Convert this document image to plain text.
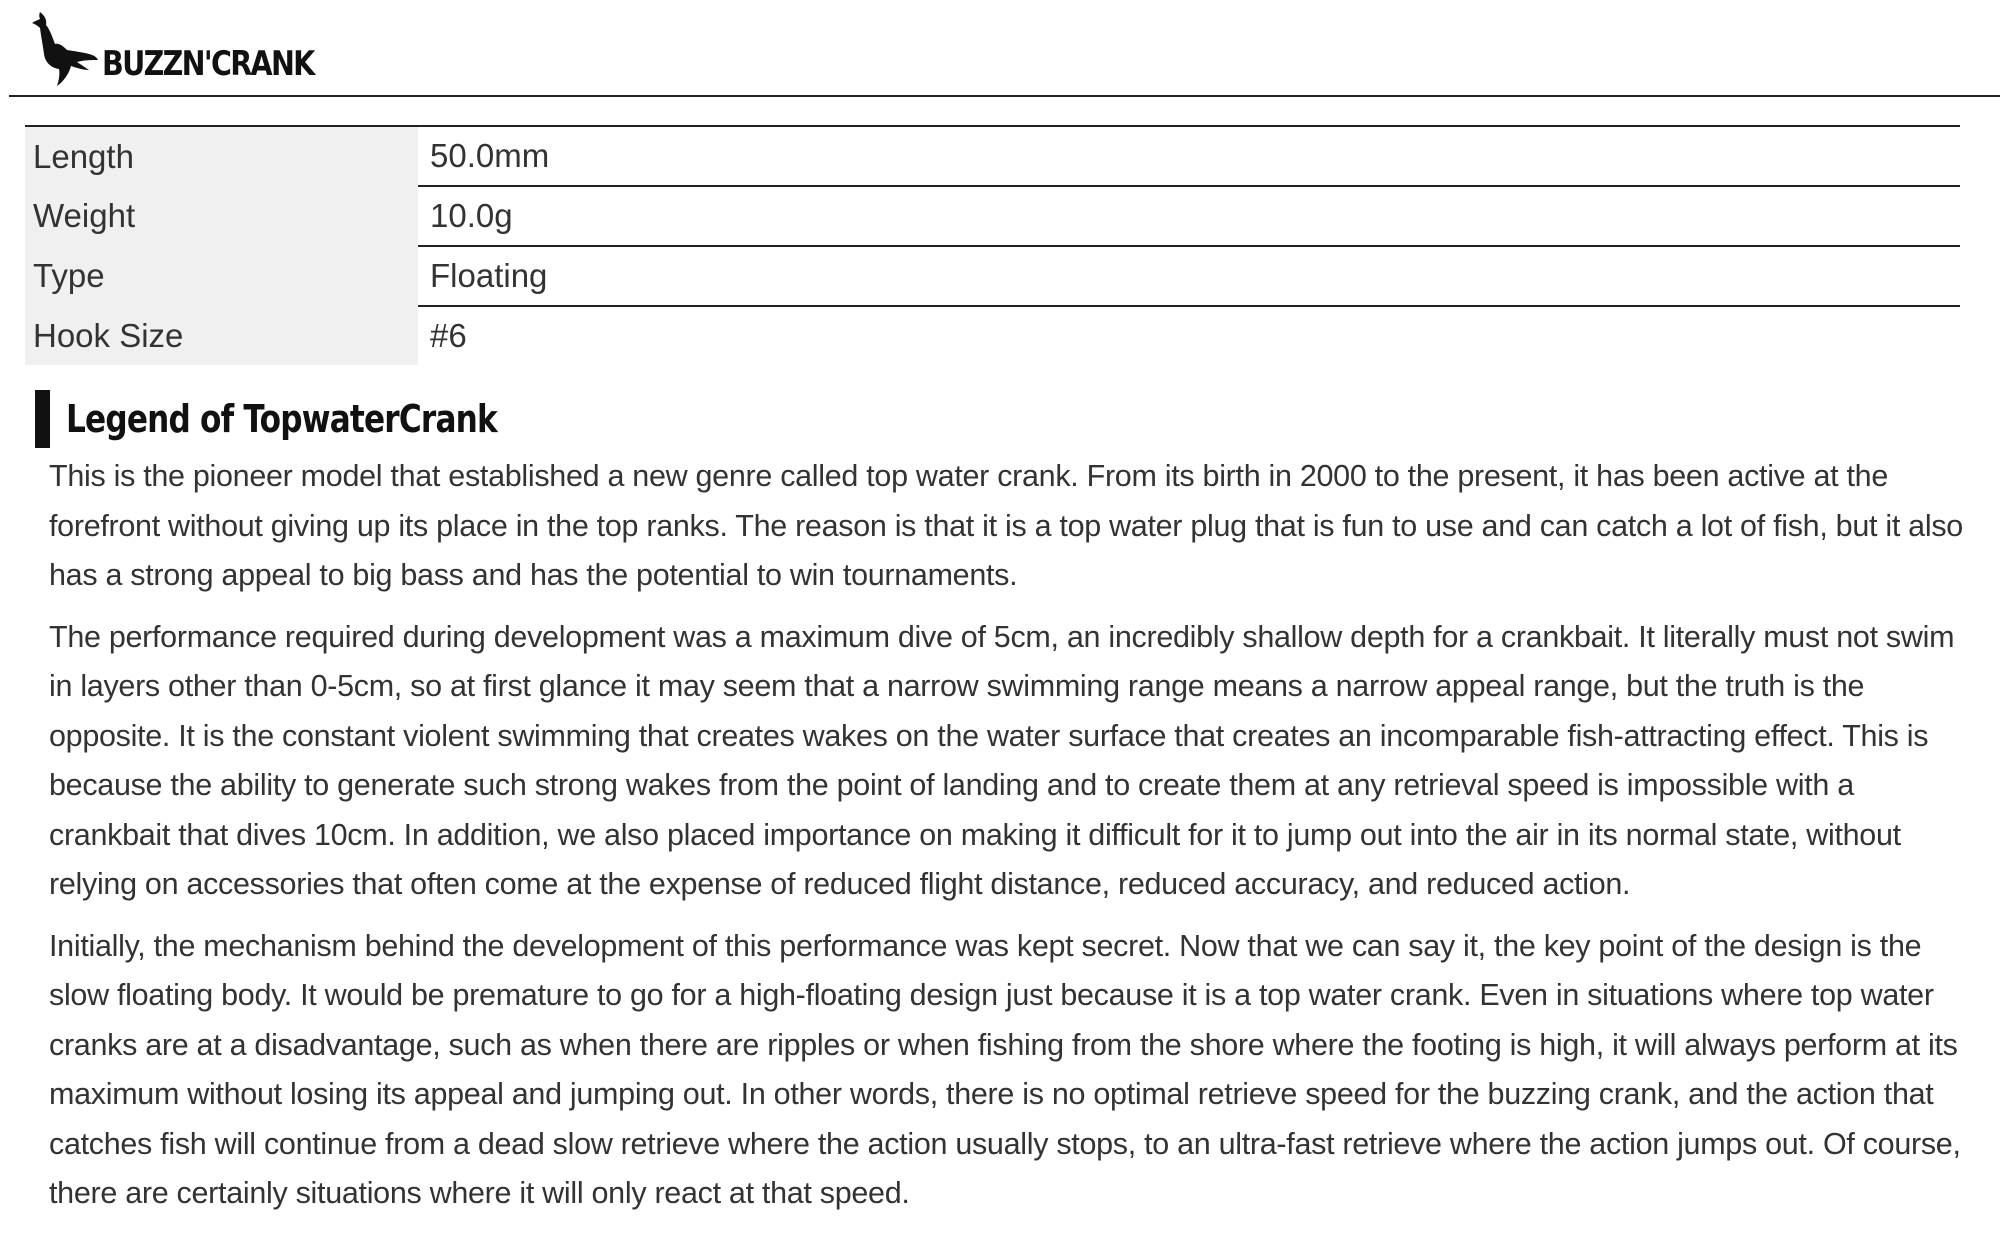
BUZZN'CRANK
Length	50.0mm
Weight	10.0g
Type	Floating
Hook Size	#6
Legend of TopwaterCrank

This is the pioneer model that established a new genre called top water crank. From its birth in 2000 to the present, it has been active at the forefront without giving up its place in the top ranks. The reason is that it is a top water plug that is fun to use and can catch a lot of fish, but it also has a strong appeal to big bass and has the potential to win tournaments.

The performance required during development was a maximum dive of 5cm, an incredibly shallow depth for a crankbait. It literally must not swim in layers other than 0-5cm, so at first glance it may seem that a narrow swimming range means a narrow appeal range, but the truth is the opposite. It is the constant violent swimming that creates wakes on the water surface that creates an incomparable fish-attracting effect. This is because the ability to generate such strong wakes from the point of landing and to create them at any retrieval speed is impossible with a crankbait that dives 10cm. In addition, we also placed importance on making it difficult for it to jump out into the air in its normal state, without relying on accessories that often come at the expense of reduced flight distance, reduced accuracy, and reduced action.

Initially, the mechanism behind the development of this performance was kept secret. Now that we can say it, the key point of the design is the slow floating body. It would be premature to go for a high-floating design just because it is a top water crank. Even in situations where top water cranks are at a disadvantage, such as when there are ripples or when fishing from the shore where the footing is high, it will always perform at its maximum without losing its appeal and jumping out. In other words, there is no optimal retrieve speed for the buzzing crank, and the action that catches fish will continue from a dead slow retrieve where the action usually stops, to an ultra-fast retrieve where the action jumps out. Of course, there are certainly situations where it will only react at that speed.
